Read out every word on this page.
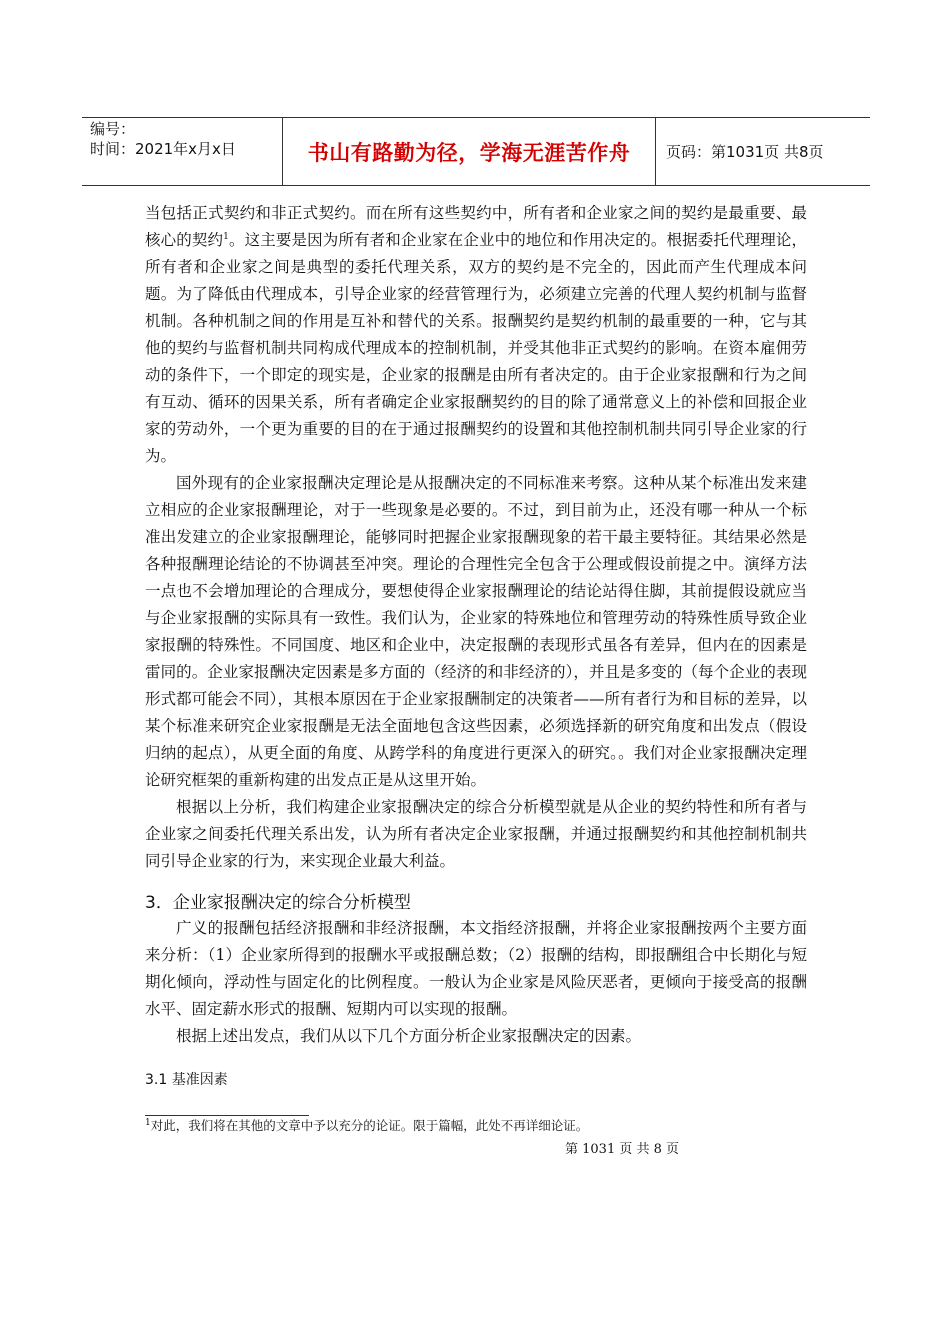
编号：
时间：2021年x月x日	书山有路勤为径，学海无涯苦作舟 页码：第1031页 共8页

当包括正式契约和非正式契约。而在所有这些契约中，所有者和企业家之间的契约是最重要、最核心的契约$^1$。这主要是因为所有者和企业家在企业中的地位和作用决定的。根据委托代理理论，所有者和企业家之间是典型的委托代理关系，双方的契约是不完全的，因此而产生代理成本问题。为了降低由代理成本，引导企业家的经营管理行为，必须建立完善的代理人契约机制与监督机制。各种机制之间的作用是互补和替代的关系。报酬契约是契约机制的最重要的一种，它与其他的契约与监督机制共同构成代理成本的控制机制，并受其他非正式契约的影响。在资本雇佣劳动的条件下，一个即定的现实是，企业家的报酬是由所有者决定的。由于企业家报酬和行为之间有互动、循环的因果关系，所有者确定企业家报酬契约的目的除了通常意义上的补偿和回报企业家的劳动外，一个更为重要的目的在于通过报酬契约的设置和其他控制机制共同引导企业家的行为。

国外现有的企业家报酬决定理论是从报酬决定的不同标准来考察。这种从某个标准出发来建立相应的企业家报酬理论，对于一些现象是必要的。不过，到目前为止，还没有哪一种从一个标准出发建立的企业家报酬理论，能够同时把握企业家报酬现象的若干最主要特征。其结果必然是各种报酬理论结论的不协调甚至冲突。理论的合理性完全包含于公理或假设前提之中。演绎方法一点也不会增加理论的合理成分，要想使得企业家报酬理论的结论站得住脚，其前提假设就应当与企业家报酬的实际具有一致性。我们认为，企业家的特殊地位和管理劳动的特殊性质导致企业家报酬的特殊性。不同国度、地区和企业中，决定报酬的表现形式虽各有差异，但内在的因素是雷同的。企业家报酬决定因素是多方面的（经济的和非经济的），并且是多变的（每个企业的表现形式都可能会不同），其根本原因在于企业家报酬制定的决策者——所有者行为和目标的差异，以某个标准来研究企业家报酬是无法全面地包含这些因素，必须选择新的研究角度和出发点（假设归纳的起点），从更全面的角度、从跨学科的角度进行更深入的研究。。我们对企业家报酬决定理论研究框架的重新构建的出发点正是从这里开始。

根据以上分析，我们构建企业家报酬决定的综合分析模型就是从企业的契约特性和所有者与企业家之间委托代理关系出发，认为所有者决定企业家报酬，并通过报酬契约和其他控制机制共同引导企业家的行为，来实现企业最大利益。

3．企业家报酬决定的综合分析模型

广义的报酬包括经济报酬和非经济报酬，本文指经济报酬，并将企业家报酬按两个主要方面来分析：（1）企业家所得到的报酬水平或报酬总数；（2）报酬的结构，即报酬组合中长期化与短期化倾向，浮动性与固定化的比例程度。一般认为企业家是风险厌恶者，更倾向于接受高的报酬水平、固定薪水形式的报酬、短期内可以实现的报酬。

根据上述出发点，我们从以下几个方面分析企业家报酬决定的因素。

3.1 基准因素
$^1$对此，我们将在其他的文章中予以充分的论证。限于篇幅，此处不再详细论证。
第 1031 页 共 8 页
